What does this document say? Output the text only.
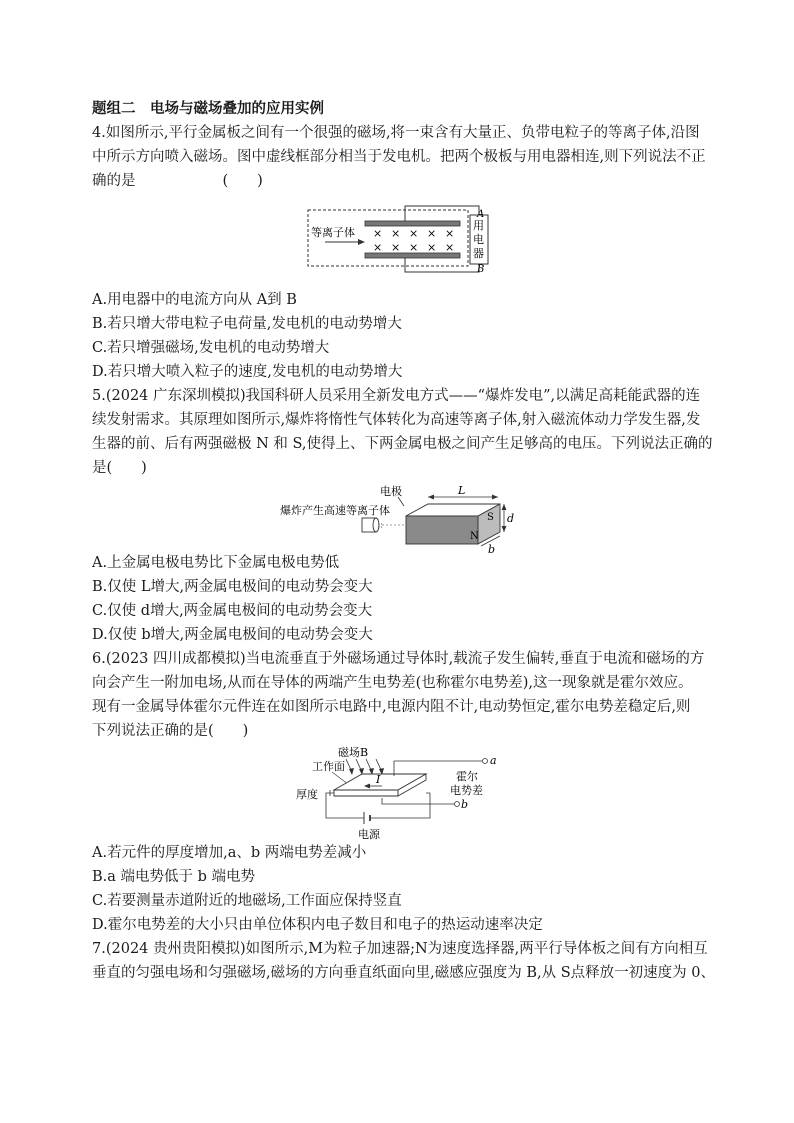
题组二　电场与磁场叠加的应用实例
4.如图所示,平行金属板之间有一个很强的磁场,将一束含有大量正、负带电粒子的等离子体,沿图
中所示方向喷入磁场。图中虚线框部分相当于发电机。把两个极板与用电器相连,则下列说法不正
确的是　　　　　　(　　)
× × × × ×
× × × × ×
等离子体
用
电
器
A
B
A.用电器中的电流方向从 A到 B
B.若只增大带电粒子电荷量,发电机的电动势增大
C.若只增强磁场,发电机的电动势增大
D.若只增大喷入粒子的速度,发电机的电动势增大
5.(2024 广东深圳模拟)我国科研人员采用全新发电方式——“爆炸发电”,以满足高耗能武器的连
续发射需求。其原理如图所示,爆炸将惰性气体转化为高速等离子体,射入磁流体动力学发生器,发
生器的前、后有两强磁极 N 和 S,使得上、下两金属电极之间产生足够高的电压。下列说法正确的
是(　　)
电极	L
爆炸产生高速等离子体
S
N
d
b
∷
A.上金属电极电势比下金属电极电势低
B.仅使 L增大,两金属电极间的电动势会变大
C.仅使 d增大,两金属电极间的电动势会变大
D.仅使 b增大,两金属电极间的电动势会变大
6.(2023 四川成都模拟)当电流垂直于外磁场通过导体时,载流子发生偏转,垂直于电流和磁场的方
向会产生一附加电场,从而在导体的两端产生电势差(也称霍尔电势差),这一现象就是霍尔效应。
现有一金属导体霍尔元件连在如图所示电路中,电源内阻不计,电动势恒定,霍尔电势差稳定后,则
下列说法正确的是(　　)
磁场B
工作面
I
厚度
a
b
霍尔
电势差
电源
A.若元件的厚度增加,a、b 两端电势差减小
B.a 端电势低于 b 端电势
C.若要测量赤道附近的地磁场,工作面应保持竖直
D.霍尔电势差的大小只由单位体积内电子数目和电子的热运动速率决定
7.(2024 贵州贵阳模拟)如图所示,M为粒子加速器;N为速度选择器,两平行导体板之间有方向相互
垂直的匀强电场和匀强磁场,磁场的方向垂直纸面向里,磁感应强度为 B,从 S点释放一初速度为 0、
